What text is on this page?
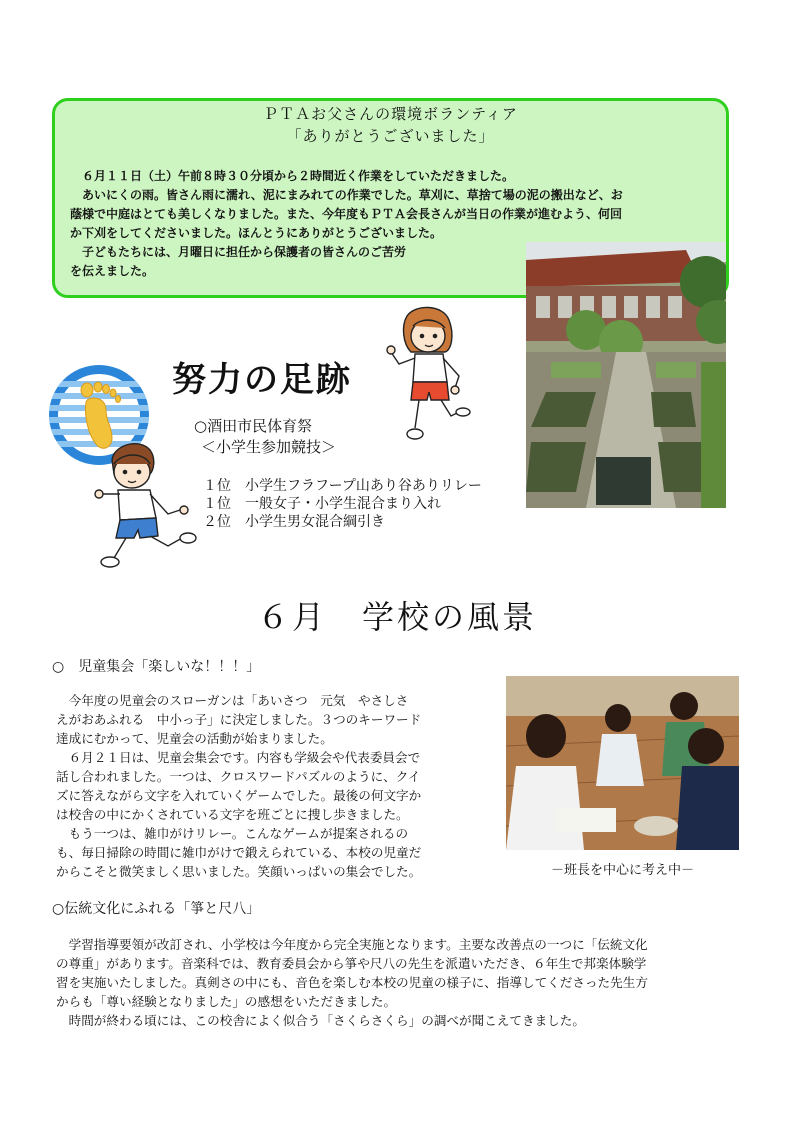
ＰＴＡお父さんの環境ボランティア
「ありがとうございました」
　６月１１日（土）午前８時３０分頃から２時間近く作業をしていただきました。
　あいにくの雨。皆さん雨に濡れ、泥にまみれての作業でした。草刈に、草捨て場の泥の搬出など、お
蔭様で中庭はとても美しくなりました。また、今年度もＰＴＡ会長さんが当日の作業が進むよう、何回
か下刈をしてくださいました。ほんとうにありがとうございました。
　子どもたちには、月曜日に担任から保護者の皆さんのご苦労
を伝えました。
努力の足跡
○酒田市民体育祭
＜小学生参加競技＞
１位　小学生フラフープ山あり谷ありリレー
１位　一般女子・小学生混合まり入れ
２位　小学生男女混合綱引き
６月　学校の風景
○　児童集会「楽しいな！！！」
　今年度の児童会のスローガンは「あいさつ　元気　やさしさ
えがおあふれる　中小っ子」に決定しました。３つのキーワード
達成にむかって、児童会の活動が始まりました。
　６月２１日は、児童会集会です。内容も学級会や代表委員会で
話し合われました。一つは、クロスワードパズルのように、クイ
ズに答えながら文字を入れていくゲームでした。最後の何文字か
は校舎の中にかくされている文字を班ごとに捜し歩きました。
　もう一つは、雑巾がけリレー。こんなゲームが提案されるの
も、毎日掃除の時間に雑巾がけで鍛えられている、本校の児童だ
からこそと微笑ましく思いました。笑顔いっぱいの集会でした。	－班長を中心に考え中－
○伝統文化にふれる「箏と尺八」
　学習指導要領が改訂され、小学校は今年度から完全実施となります。主要な改善点の一つに「伝統文化
の尊重」があります。音楽科では、教育委員会から箏や尺八の先生を派遣いただき、６年生で邦楽体験学
習を実施いたしました。真剣さの中にも、音色を楽しむ本校の児童の様子に、指導してくださった先生方
からも「尊い経験となりました」の感想をいただきました。
　時間が終わる頃には、この校舎によく似合う「さくらさくら」の調べが聞こえてきました。
